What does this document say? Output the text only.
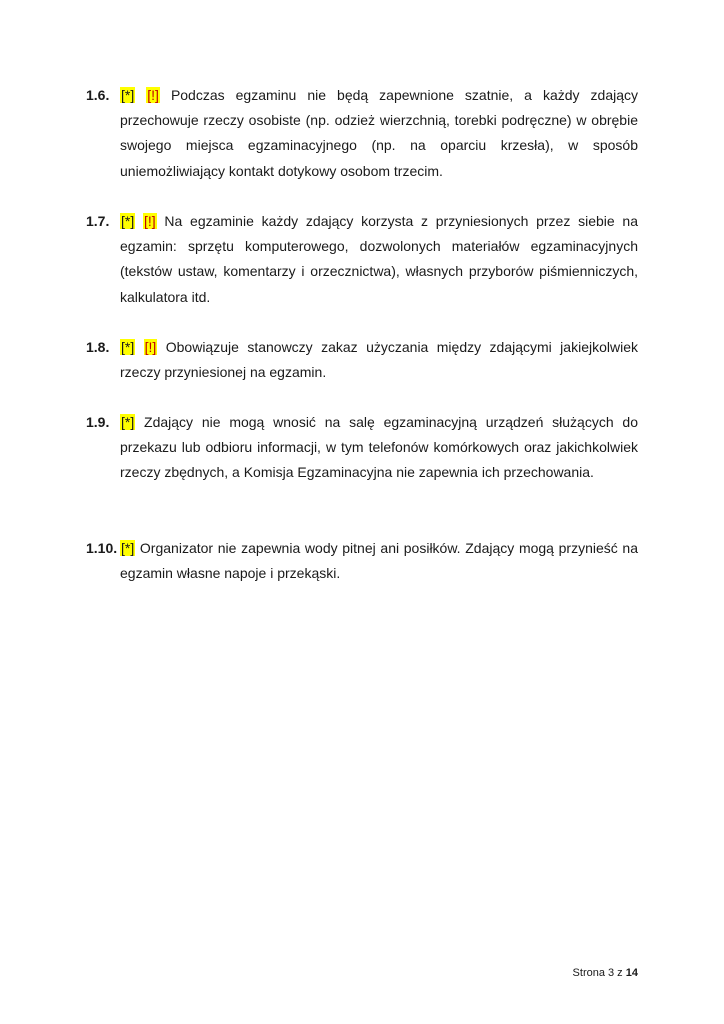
1.6. [*] [!] Podczas egzaminu nie będą zapewnione szatnie, a każdy zdający przechowuje rzeczy osobiste (np. odzież wierzchnią, torebki podręczne) w obrębie swojego miejsca egzaminacyjnego (np. na oparciu krzesła), w sposób uniemożliwiający kontakt dotykowy osobom trzecim.
1.7. [*] [!] Na egzaminie każdy zdający korzysta z przyniesionych przez siebie na egzamin: sprzętu komputerowego, dozwolonych materiałów egzaminacyjnych (tekstów ustaw, komentarzy i orzecznictwa), własnych przyborów piśmienniczych, kalkulatora itd.
1.8. [*] [!] Obowiązuje stanowczy zakaz użyczania między zdającymi jakiejkolwiek rzeczy przyniesionej na egzamin.
1.9. [*] Zdający nie mogą wnosić na salę egzaminacyjną urządzeń służących do przekazu lub odbioru informacji, w tym telefonów komórkowych oraz jakichkolwiek rzeczy zbędnych, a Komisja Egzaminacyjna nie zapewnia ich przechowania.
1.10. [*] Organizator nie zapewnia wody pitnej ani posiłków. Zdający mogą przynieść na egzamin własne napoje i przekąski.
Strona 3 z 14
